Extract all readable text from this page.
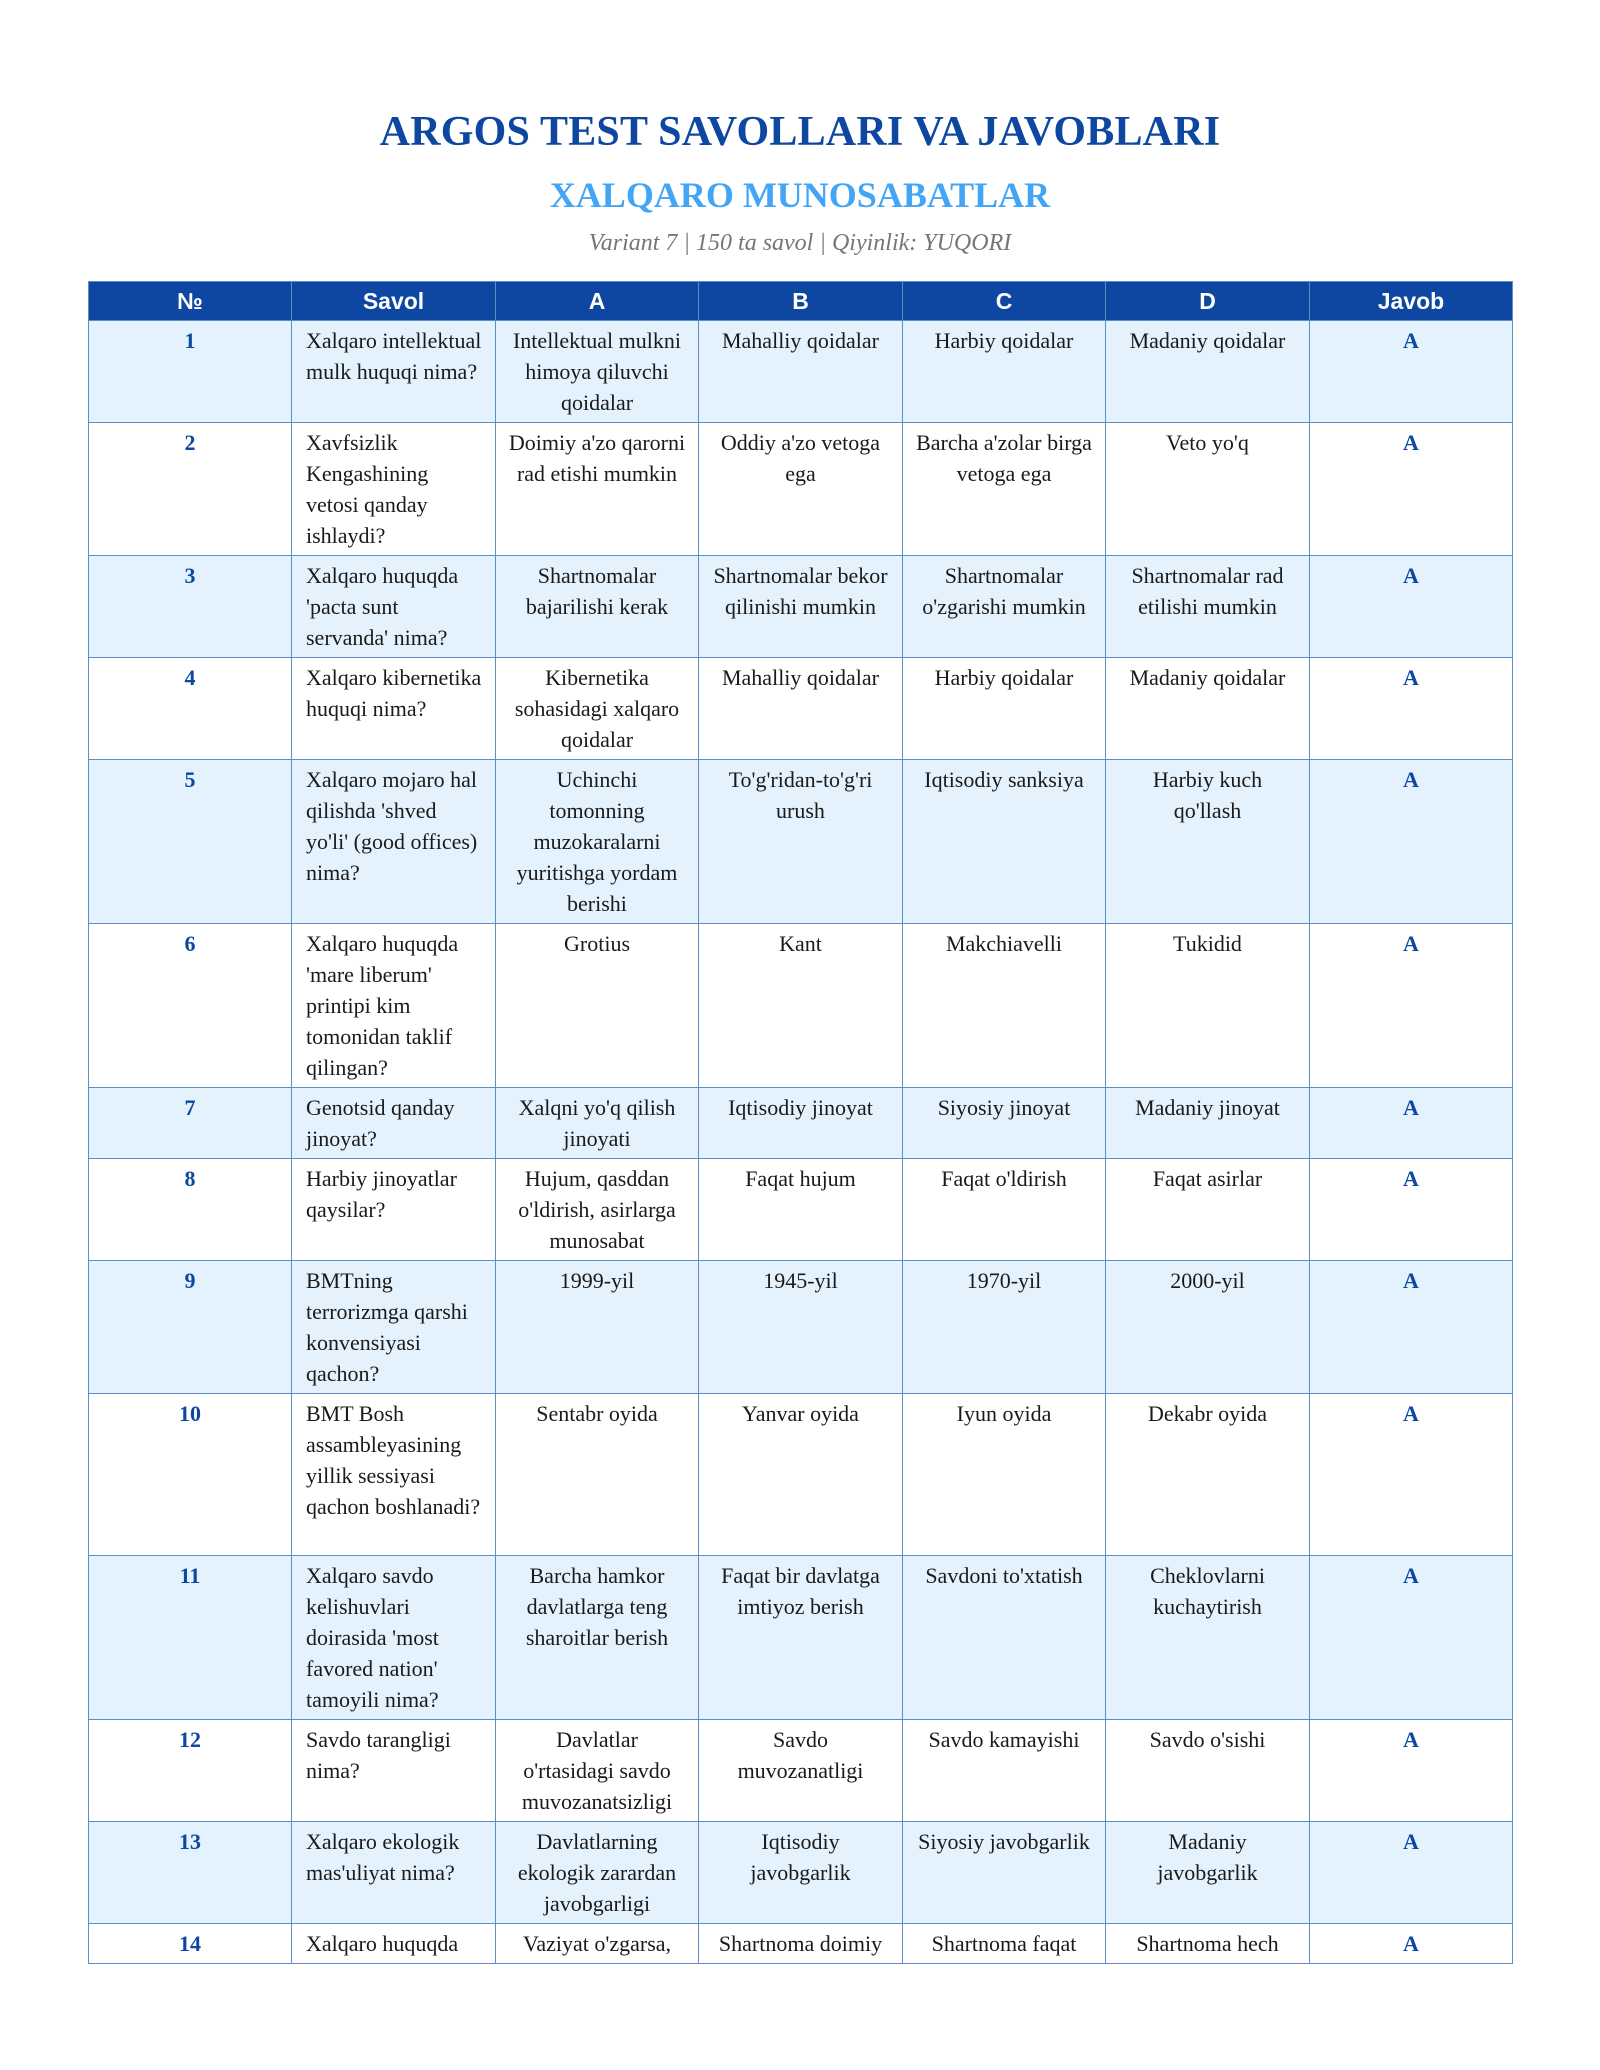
ARGOS TEST SAVOLLARI VA JAVOBLARI
XALQARO MUNOSABATLAR
Variant 7 | 150 ta savol | Qiyinlik: YUQORI
№	Savol	A	B	C	D	Javob
1	Xalqaro intellektual mulk huquqi nima?	Intellektual mulkni himoya qiluvchi qoidalar	Mahalliy qoidalar	Harbiy qoidalar	Madaniy qoidalar	A
2	Xavfsizlik Kengashining vetosi qanday ishlaydi?	Doimiy a'zo qarorni rad etishi mumkin	Oddiy a'zo vetoga ega	Barcha a'zolar birga vetoga ega	Veto yo'q	A
3	Xalqaro huquqda 'pacta sunt servanda' nima?	Shartnomalar bajarilishi kerak	Shartnomalar bekor qilinishi mumkin	Shartnomalar o'zgarishi mumkin	Shartnomalar rad etilishi mumkin	A
4	Xalqaro kibernetika huquqi nima?	Kibernetika sohasidagi xalqaro qoidalar	Mahalliy qoidalar	Harbiy qoidalar	Madaniy qoidalar	A
5	Xalqaro mojaro hal qilishda 'shved yo'li' (good offices) nima?	Uchinchi tomonning muzokaralarni yuritishga yordam berishi	To'g'ridan-to'g'ri urush	Iqtisodiy sanksiya	Harbiy kuch qo'llash	A
6	Xalqaro huquqda 'mare liberum' printipi kim tomonidan taklif qilingan?	Grotius	Kant	Makchiavelli	Tukidid	A
7	Genotsid qanday jinoyat?	Xalqni yo'q qilish jinoyati	Iqtisodiy jinoyat	Siyosiy jinoyat	Madaniy jinoyat	A
8	Harbiy jinoyatlar qaysilar?	Hujum, qasddan o'ldirish, asirlarga munosabat	Faqat hujum	Faqat o'ldirish	Faqat asirlar	A
9	BMTning terrorizmga qarshi konvensiyasi qachon?	1999-yil	1945-yil	1970-yil	2000-yil	A
10	BMT Bosh assambleyasining yillik sessiyasi qachon boshlanadi?	Sentabr oyida	Yanvar oyida	Iyun oyida	Dekabr oyida	A
11	Xalqaro savdo kelishuvlari doirasida 'most favored nation' tamoyili nima?	Barcha hamkor davlatlarga teng sharoitlar berish	Faqat bir davlatga imtiyoz berish	Savdoni to'xtatish	Cheklovlarni kuchaytirish	A
12	Savdo tarangligi nima?	Davlatlar o'rtasidagi savdo muvozanatsizligi	Savdo muvozanatligi	Savdo kamayishi	Savdo o'sishi	A
13	Xalqaro ekologik mas'uliyat nima?	Davlatlarning ekologik zarardan javobgarligi	Iqtisodiy javobgarlik	Siyosiy javobgarlik	Madaniy javobgarlik	A
14	Xalqaro huquqda	Vaziyat o'zgarsa,	Shartnoma doimiy	Shartnoma faqat	Shartnoma hech	A
